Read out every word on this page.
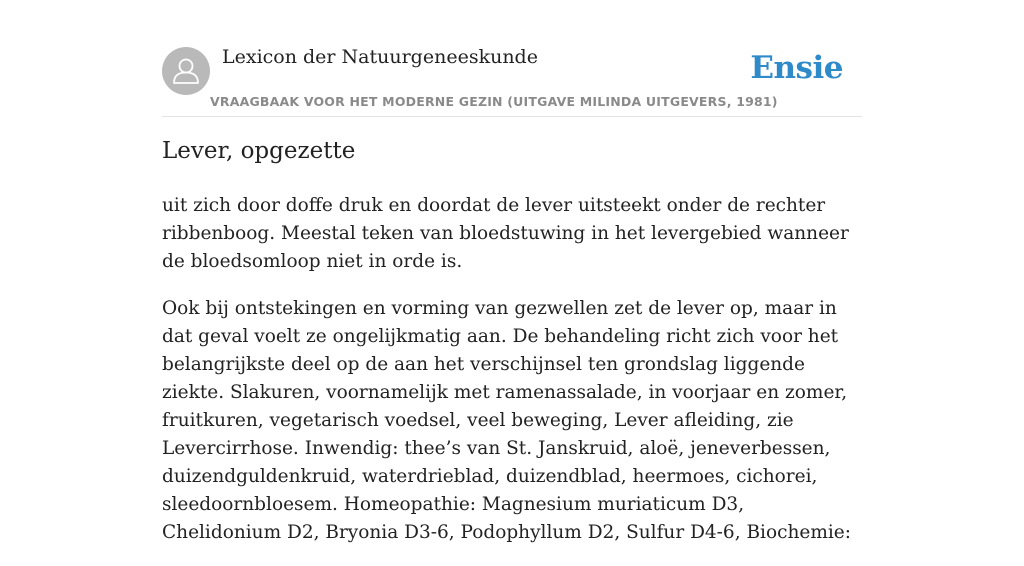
Lexicon der Natuurgeneeskunde
VRAAGBAAK VOOR HET MODERNE GEZIN (UITGAVE MILINDA UITGEVERS, 1981)
Ensie
Lever, opgezette

uit zich door doffe druk en doordat de lever uitsteekt onder de rechter ribbenboog. Meestal teken van bloedstuwing in het levergebied wanneer de bloedsomloop niet in orde is.

Ook bij ontstekingen en vorming van gezwellen zet de lever op, maar in dat geval voelt ze ongelijkmatig aan. De behandeling richt zich voor het belangrijkste deel op de aan het verschijnsel ten grondslag liggende ziekte. Slakuren, voornamelijk met ramenassalade, in voorjaar en zomer, fruitkuren, vegetarisch voedsel, veel beweging, Lever afleiding, zie Levercirrhose. Inwendig: thee’s van St. Janskruid, aloë, jeneverbessen, duizendguldenkruid, waterdrieblad, duizendblad, heermoes, cichorei, sleedoornbloesem. Homeopathie: Magnesium muriaticum D3, Chelidonium D2, Bryonia D3-6, Podophyllum D2, Sulfur D4-6, Biochemie:
